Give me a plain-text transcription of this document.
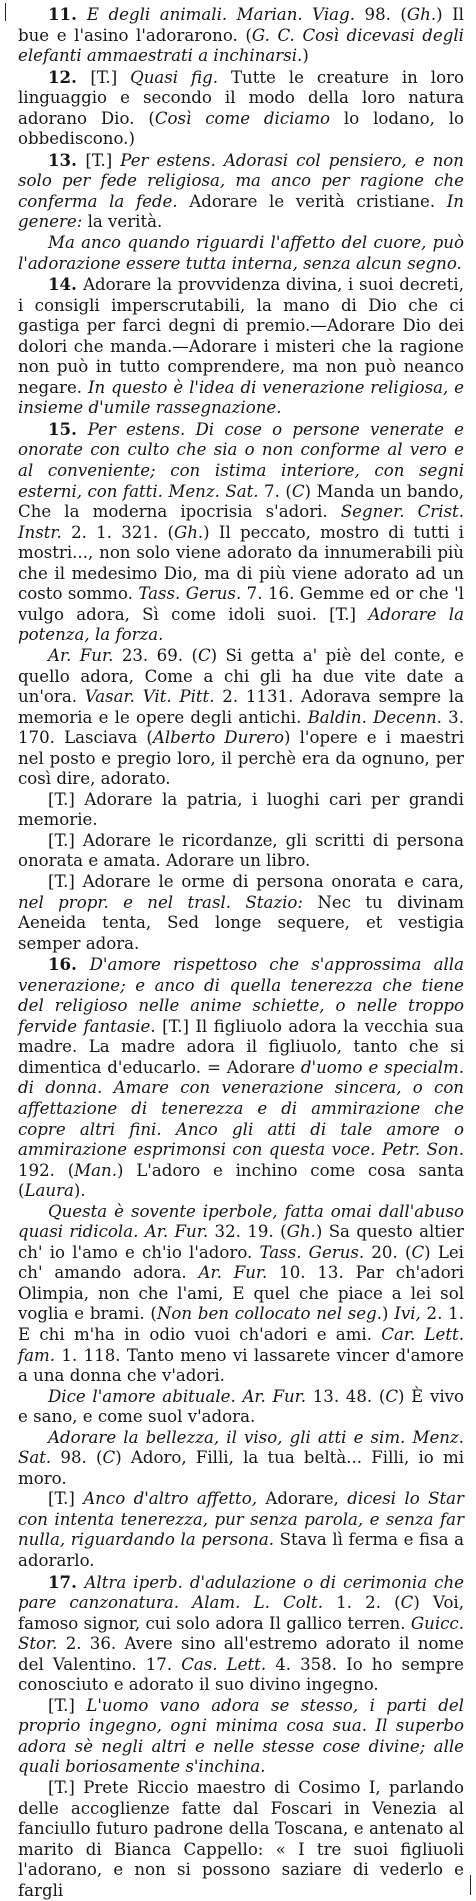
11. E degli animali. Marian. Viag. 98. (Gh.) Il bue e l'asino l'adorarono. (G. C. Così dicevasi degli elefanti ammaestrati a inchinarsi.)

12. [T.] Quasi fig. Tutte le creature in loro linguaggio e secondo il modo della loro natura adorano Dio. (Così come diciamo lo lodano, lo obbediscono.)

13. [T.] Per estens. Adorasi col pensiero, e non solo per fede religiosa, ma anco per ragione che conferma la fede. Adorare le verità cristiane. In genere: la verità.

Ma anco quando riguardi l'affetto del cuore, può l'adorazione essere tutta interna, senza alcun segno.

14. Adorare la provvidenza divina, i suoi decreti, i consigli imperscrutabili, la mano di Dio che ci gastiga per farci degni di premio.—Adorare Dio dei dolori che manda.—Adorare i misteri che la ragione non può in tutto comprendere, ma non può neanco negare. In questo è l'idea di venerazione religiosa, e insieme d'umile rassegnazione.

15. Per estens. Di cose o persone venerate e onorate con culto che sia o non conforme al vero e al conveniente; con istima interiore, con segni esterni, con fatti. Menz. Sat. 7. (C) Manda un bando, Che la moderna ipocrisia s'adori. Segner. Crist. Instr. 2. 1. 321. (Gh.) Il peccato, mostro di tutti i mostri..., non solo viene adorato da innumerabili più che il medesimo Dio, ma di più viene adorato ad un costo sommo. Tass. Gerus. 7. 16. Gemme ed or che 'l vulgo adora, Sì come idoli suoi. [T.] Adorare la potenza, la forza.

Ar. Fur. 23. 69. (C) Si getta a' piè del conte, e quello adora, Come a chi gli ha due vite date a un'ora. Vasar. Vit. Pitt. 2. 1131. Adorava sempre la memoria e le opere degli antichi. Baldin. Decenn. 3. 170. Lasciava (Alberto Durero) l'opere e i maestri nel posto e pregio loro, il perchè era da ognuno, per così dire, adorato.

[T.] Adorare la patria, i luoghi cari per grandi memorie.

[T.] Adorare le ricordanze, gli scritti di persona onorata e amata. Adorare un libro.

[T.] Adorare le orme di persona onorata e cara, nel propr. e nel trasl. Stazio: Nec tu divinam Aeneida tenta, Sed longe sequere, et vestigia semper adora.

16. D'amore rispettoso che s'approssima alla venerazione; e anco di quella tenerezza che tiene del religioso nelle anime schiette, o nelle troppo fervide fantasie. [T.] Il figliuolo adora la vecchia sua madre. La madre adora il figliuolo, tanto che si dimentica d'educarlo. = Adorare d'uomo e specialm. di donna. Amare con venerazione sincera, o con affettazione di tenerezza e di ammirazione che copre altri fini. Anco gli atti di tale amore o ammirazione esprimonsi con questa voce. Petr. Son. 192. (Man.) L'adoro e inchino come cosa santa (Laura).

Questa è sovente iperbole, fatta omai dall'abuso quasi ridicola. Ar. Fur. 32. 19. (Gh.) Sa questo altier ch' io l'amo e ch'io l'adoro. Tass. Gerus. 20. (C) Lei ch' amando adora. Ar. Fur. 10. 13. Par ch'adori Olimpia, non che l'ami, E quel che piace a lei sol voglia e brami. (Non ben collocato nel seg.) Ivi, 2. 1. E chi m'ha in odio vuoi ch'adori e ami. Car. Lett. fam. 1. 118. Tanto meno vi lassarete vincer d'amore a una donna che v'adori.

Dice l'amore abituale. Ar. Fur. 13. 48. (C) È vivo e sano, e come suol v'adora.

Adorare la bellezza, il viso, gli atti e sim. Menz. Sat. 98. (C) Adoro, Filli, la tua beltà... Filli, io mi moro.

[T.] Anco d'altro affetto, Adorare, dicesi lo Star con intenta tenerezza, pur senza parola, e senza far nulla, riguardando la persona. Stava lì ferma e fisa a adorarlo.

17. Altra iperb. d'adulazione o di cerimonia che pare canzonatura. Alam. L. Colt. 1. 2. (C) Voi, famoso signor, cui solo adora Il gallico terren. Guicc. Stor. 2. 36. Avere sino all'estremo adorato il nome del Valentino. 17. Cas. Lett. 4. 358. Io ho sempre conosciuto e adorato il suo divino ingegno.

[T.] L'uomo vano adora se stesso, i parti del proprio ingegno, ogni minima cosa sua. Il superbo adora sè negli altri e nelle stesse cose divine; alle quali boriosamente s'inchina.

[T.] Prete Riccio maestro di Cosimo I, parlando delle accoglienze fatte dal Foscari in Venezia al fanciullo futuro padrone della Toscana, e antenato al marito di Bianca Cappello: « I tre suoi figliuoli l'adorano, e non si possono saziare di vederlo e fargli
